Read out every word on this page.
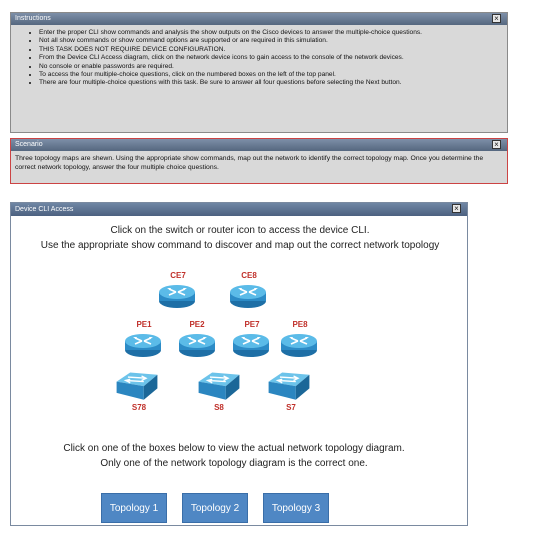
Instructions	×
• Enter the proper CLI show commands and analysis the show outputs on the Cisco devices to answer the multiple-choice questions.
• Not all show commands or show command options are supported or are required in this simulation.
• THIS TASK DOES NOT REQUIRE DEVICE CONFIGURATION.
• From the Device CLI Access diagram, click on the network device icons to gain access to the console of the network devices.
• No console or enable passwords are required.
• To access the four multiple-choice questions, click on the numbered boxes on the left of the top panel.
• There are four multiple-choice questions with this task. Be sure to answer all four questions before selecting the Next button.
Scenario	×
Three topology maps are shewn. Using the appropriate show commands, map out the network to identify the correct topology map. Once you determine the correct network topology, answer the four multiple choice questions.
Device CLI Access	×
Click on the switch or router icon to access the device CLI.
Use the appropriate show command to discover and map out the correct network topology
CE7	CE8
PE1	PE2	PE7	PE8
S78	S8	S7
Click on one of the boxes below to view the actual network topology diagram.
Only one of the network topology diagram is the correct one.
Topology 1	Topology 2	Topology 3
